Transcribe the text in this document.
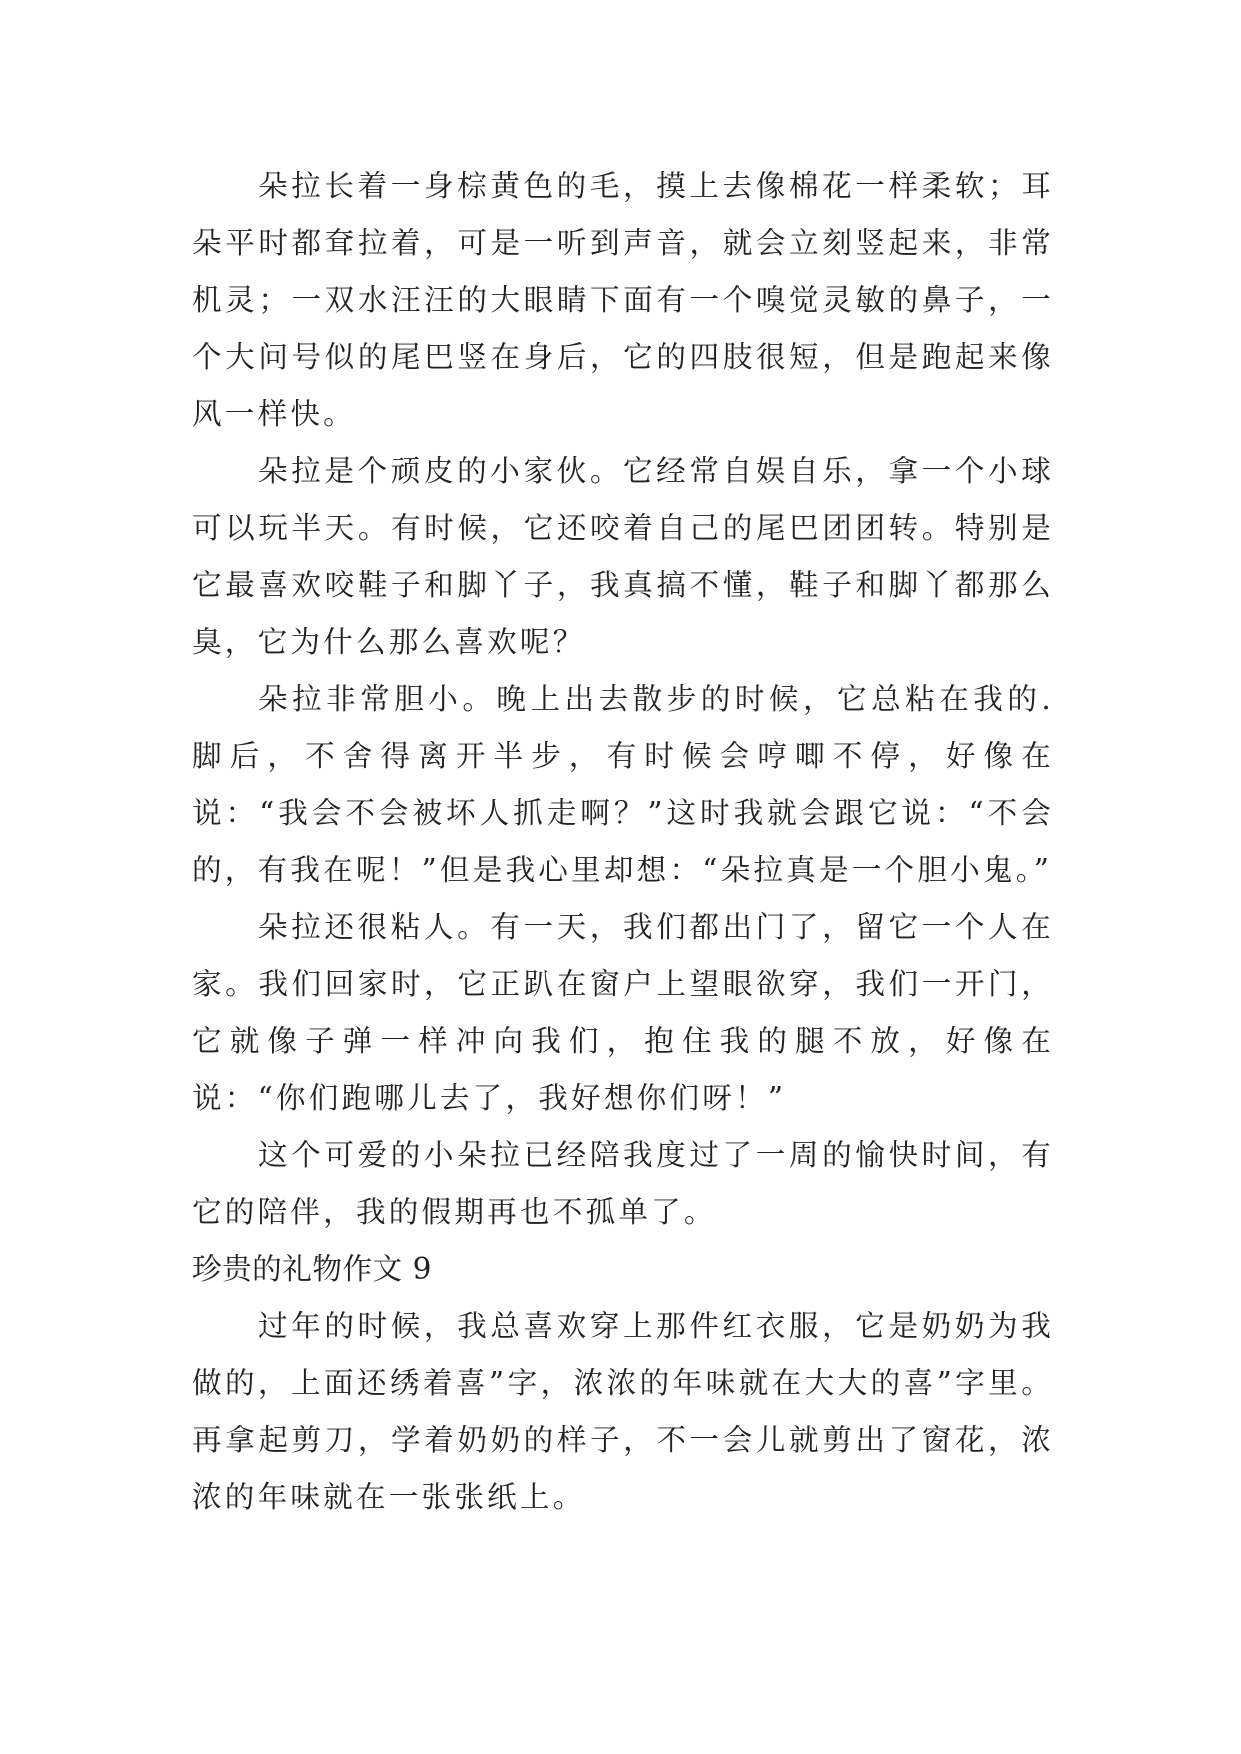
朵拉长着一身棕黄色的毛，摸上去像棉花一样柔软；耳朵平时都耷拉着，可是一听到声音，就会立刻竖起来，非常机灵；一双水汪汪的大眼睛下面有一个嗅觉灵敏的鼻子，一个大问号似的尾巴竖在身后，它的四肢很短，但是跑起来像风一样快。

朵拉是个顽皮的小家伙。它经常自娱自乐，拿一个小球可以玩半天。有时候，它还咬着自己的尾巴团团转。特别是它最喜欢咬鞋子和脚丫子，我真搞不懂，鞋子和脚丫都那么臭，它为什么那么喜欢呢？

朵拉非常胆小。晚上出去散步的时候，它总粘在我的.脚后，不舍得离开半步，有时候会哼唧不停，好像在说：“我会不会被坏人抓走啊？”这时我就会跟它说：“不会的，有我在呢！”但是我心里却想：“朵拉真是一个胆小鬼。”

朵拉还很粘人。有一天，我们都出门了，留它一个人在家。我们回家时，它正趴在窗户上望眼欲穿，我们一开门，它就像子弹一样冲向我们，抱住我的腿不放，好像在说：“你们跑哪儿去了，我好想你们呀！”

这个可爱的小朵拉已经陪我度过了一周的愉快时间，有它的陪伴，我的假期再也不孤单了。

珍贵的礼物作文 9

过年的时候，我总喜欢穿上那件红衣服，它是奶奶为我做的，上面还绣着喜”字，浓浓的年味就在大大的喜”字里。再拿起剪刀，学着奶奶的样子，不一会儿就剪出了窗花，浓浓的年味就在一张张纸上。
